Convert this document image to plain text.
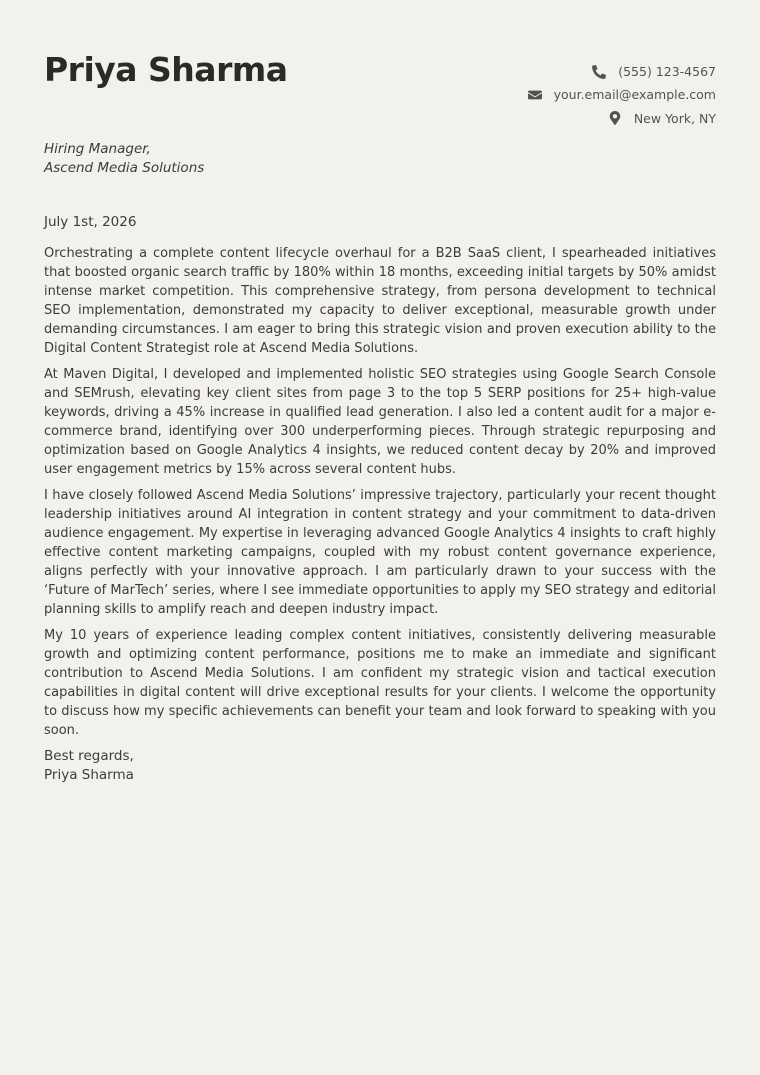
Priya Sharma	(555) 123-4567
your.email@example.com
New York, NY
Hiring Manager,
Ascend Media Solutions
July 1st, 2026

Orchestrating a complete content lifecycle overhaul for a B2B SaaS client, I spearheaded initiatives that boosted organic search traffic by 180% within 18 months, exceeding initial targets by 50% amidst intense market competition. This comprehensive strategy, from persona development to technical SEO implementation, demonstrated my capacity to deliver exceptional, measurable growth under demanding circumstances. I am eager to bring this strategic vision and proven execution ability to the Digital Content Strategist role at Ascend Media Solutions.

At Maven Digital, I developed and implemented holistic SEO strategies using Google Search Console and SEMrush, elevating key client sites from page 3 to the top 5 SERP positions for 25+ high-value keywords, driving a 45% increase in qualified lead generation. I also led a content audit for a major e-commerce brand, identifying over 300 underperforming pieces. Through strategic repurposing and optimization based on Google Analytics 4 insights, we reduced content decay by 20% and improved user engagement metrics by 15% across several content hubs.

I have closely followed Ascend Media Solutions’ impressive trajectory, particularly your recent thought leadership initiatives around AI integration in content strategy and your commitment to data-driven audience engagement. My expertise in leveraging advanced Google Analytics 4 insights to craft highly effective content marketing campaigns, coupled with my robust content governance experience, aligns perfectly with your innovative approach. I am particularly drawn to your success with the ‘Future of MarTech’ series, where I see immediate opportunities to apply my SEO strategy and editorial planning skills to amplify reach and deepen industry impact.

My 10 years of experience leading complex content initiatives, consistently delivering measurable growth and optimizing content performance, positions me to make an immediate and significant contribution to Ascend Media Solutions. I am confident my strategic vision and tactical execution capabilities in digital content will drive exceptional results for your clients. I welcome the opportunity to discuss how my specific achievements can benefit your team and look forward to speaking with you soon.

Best regards,
Priya Sharma
